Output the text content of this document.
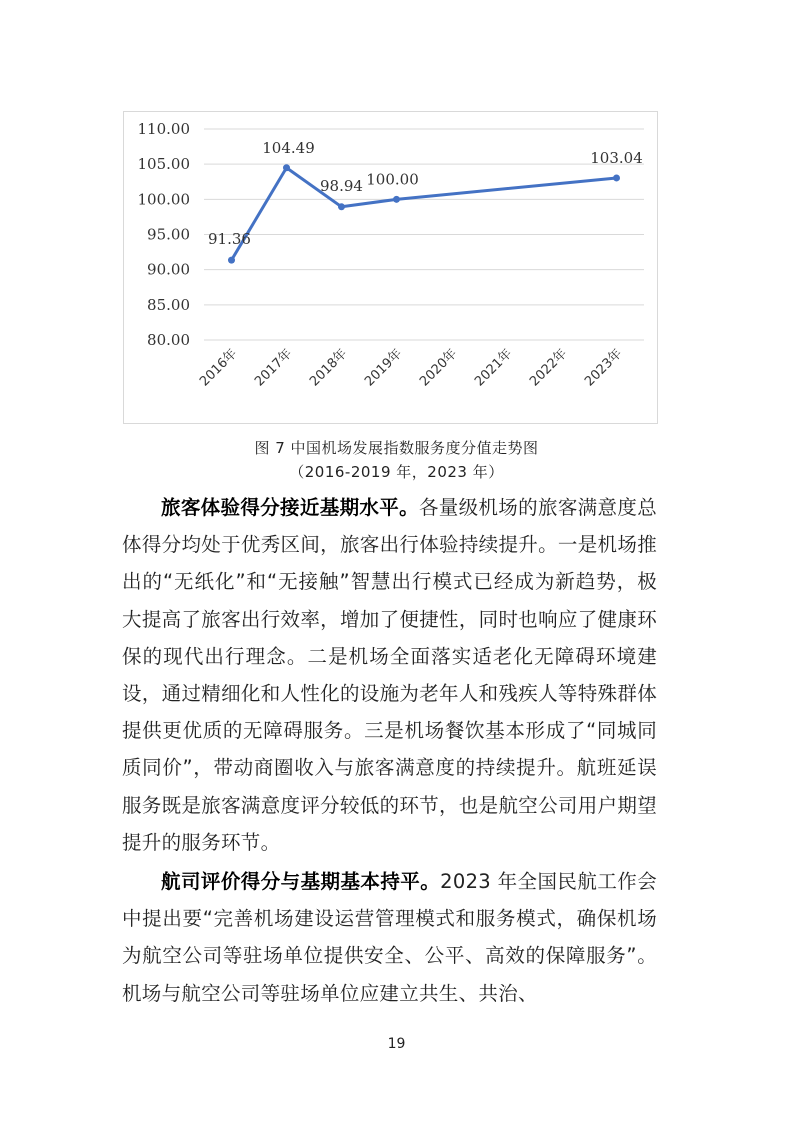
110.00
105.00
100.00
95.00
90.00
85.00
80.00
2016年 2017年 2018年 2019年 2020年 2021年 2022年 2023年
91.36
104.49
98.94 100.00
103.04
图 7 中国机场发展指数服务度分值走势图
（2016-2019 年，2023 年）

旅客体验得分接近基期水平。各量级机场的旅客满意度总体得分均处于优秀区间，旅客出行体验持续提升。一是机场推出的“无纸化”和“无接触”智慧出行模式已经成为新趋势，极大提高了旅客出行效率，增加了便捷性，同时也响应了健康环保的现代出行理念。二是机场全面落实适老化无障碍环境建设，通过精细化和人性化的设施为老年人和残疾人等特殊群体提供更优质的无障碍服务。三是机场餐饮基本形成了“同城同质同价”，带动商圈收入与旅客满意度的持续提升。航班延误服务既是旅客满意度评分较低的环节，也是航空公司用户期望提升的服务环节。

航司评价得分与基期基本持平。2023 年全国民航工作会中提出要“完善机场建设运营管理模式和服务模式，确保机场为航空公司等驻场单位提供安全、公平、高效的保障服务”。机场与航空公司等驻场单位应建立共生、共治、

19
